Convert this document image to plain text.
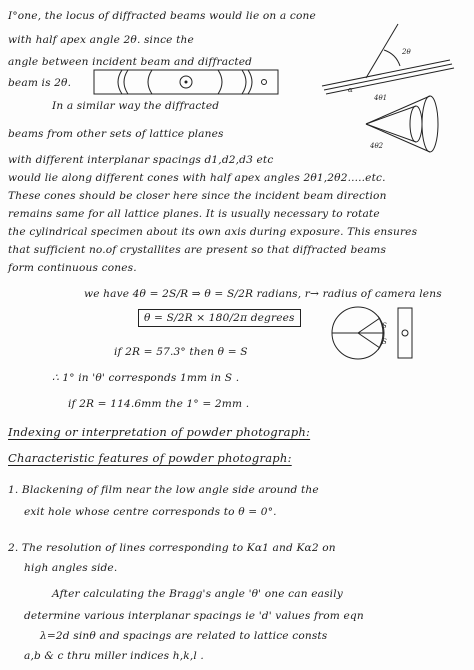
I°one, the locus of diffracted beams would lie on a cone
with half apex angle 2θ. since the
angle between incident beam and diffracted
beam is 2θ.
2θ
α
4θ1
4θ2
In a similar way the diffracted
beams from other sets of lattice planes
with different interplanar spacings d1,d2,d3 etc
would lie along different cones with half apex angles 2θ1,2θ2.....etc.
These cones should be closer here since the incident beam direction
remains same for all lattice planes. It is usually necessary to rotate
the cylindrical specimen about its own axis during exposure. This ensures
that sufficient no.of crystallites are present so that diffracted beams
form continuous cones.
we have 4θ = 2S/R ⇒ θ = S/2R radians, r→ radius of camera lens
θ = S/2R × 180/2π degrees
S
S
if 2R = 57.3° then θ = S
∴ 1° in 'θ' corresponds 1mm in S .
if 2R = 114.6mm the 1° = 2mm .
Indexing or interpretation of powder photograph:
Characteristic features of powder photograph:
1. Blackening of film near the low angle side around the
exit hole whose centre corresponds to θ = 0°.
2. The resolution of lines corresponding to Kα1 and Kα2 on
high angles side.
After calculating the Bragg's angle 'θ' one can easily
determine various interplanar spacings ie 'd' values from eqn
λ=2d sinθ and spacings are related to lattice consts
a,b & c thru miller indices h,k,l .
